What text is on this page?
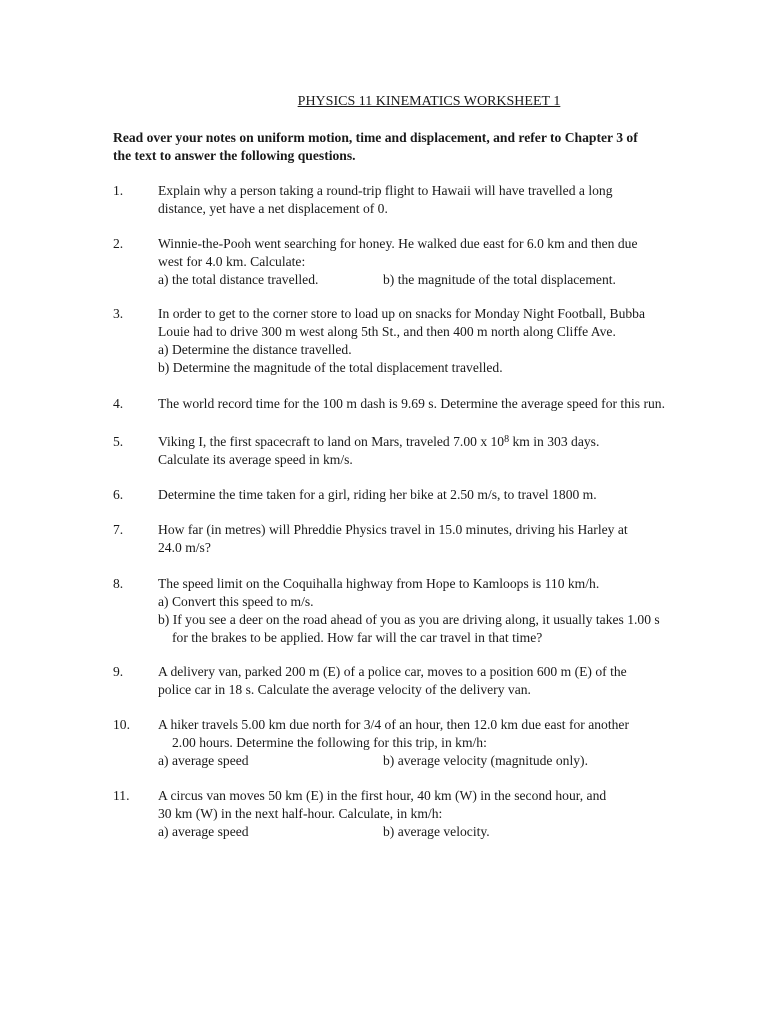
PHYSICS 11 KINEMATICS WORKSHEET 1

Read over your notes on uniform motion, time and displacement, and refer to Chapter 3 of
the text to answer the following questions.

1.	Explain why a person taking a round-trip flight to Hawaii will have travelled a long
distance, yet have a net displacement of 0.
2.	Winnie-the-Pooh went searching for honey. He walked due east for 6.0 km and then due
west for 4.0 km. Calculate:
a) the total distance travelled.	b) the magnitude of the total displacement.
3.	In order to get to the corner store to load up on snacks for Monday Night Football, Bubba
Louie had to drive 300 m west along 5th St., and then 400 m north along Cliffe Ave.
a) Determine the distance travelled.
b) Determine the magnitude of the total displacement travelled.
4.	The world record time for the 100 m dash is 9.69 s. Determine the average speed for this run.
5.	Viking I, the first spacecraft to land on Mars, traveled 7.00 x $10^8$ km in 303 days.
Calculate its average speed in km/s.
6.	Determine the time taken for a girl, riding her bike at 2.50 m/s, to travel 1800 m.
7.	How far (in metres) will Phreddie Physics travel in 15.0 minutes, driving his Harley at
24.0 m/s?
8.	The speed limit on the Coquihalla highway from Hope to Kamloops is 110 km/h.
a) Convert this speed to m/s.
b) If you see a deer on the road ahead of you as you are driving along, it usually takes 1.00 s
for the brakes to be applied. How far will the car travel in that time?
9.	A delivery van, parked 200 m (E) of a police car, moves to a position 600 m (E) of the
police car in 18 s. Calculate the average velocity of the delivery van.
10. A hiker travels 5.00 km due north for 3/4 of an hour, then 12.0 km due east for another
2.00 hours. Determine the following for this trip, in km/h:
a) average speed	b) average velocity (magnitude only).
11. A circus van moves 50 km (E) in the first hour, 40 km (W) in the second hour, and
30 km (W) in the next half-hour. Calculate, in km/h:
a) average speed	b) average velocity.
